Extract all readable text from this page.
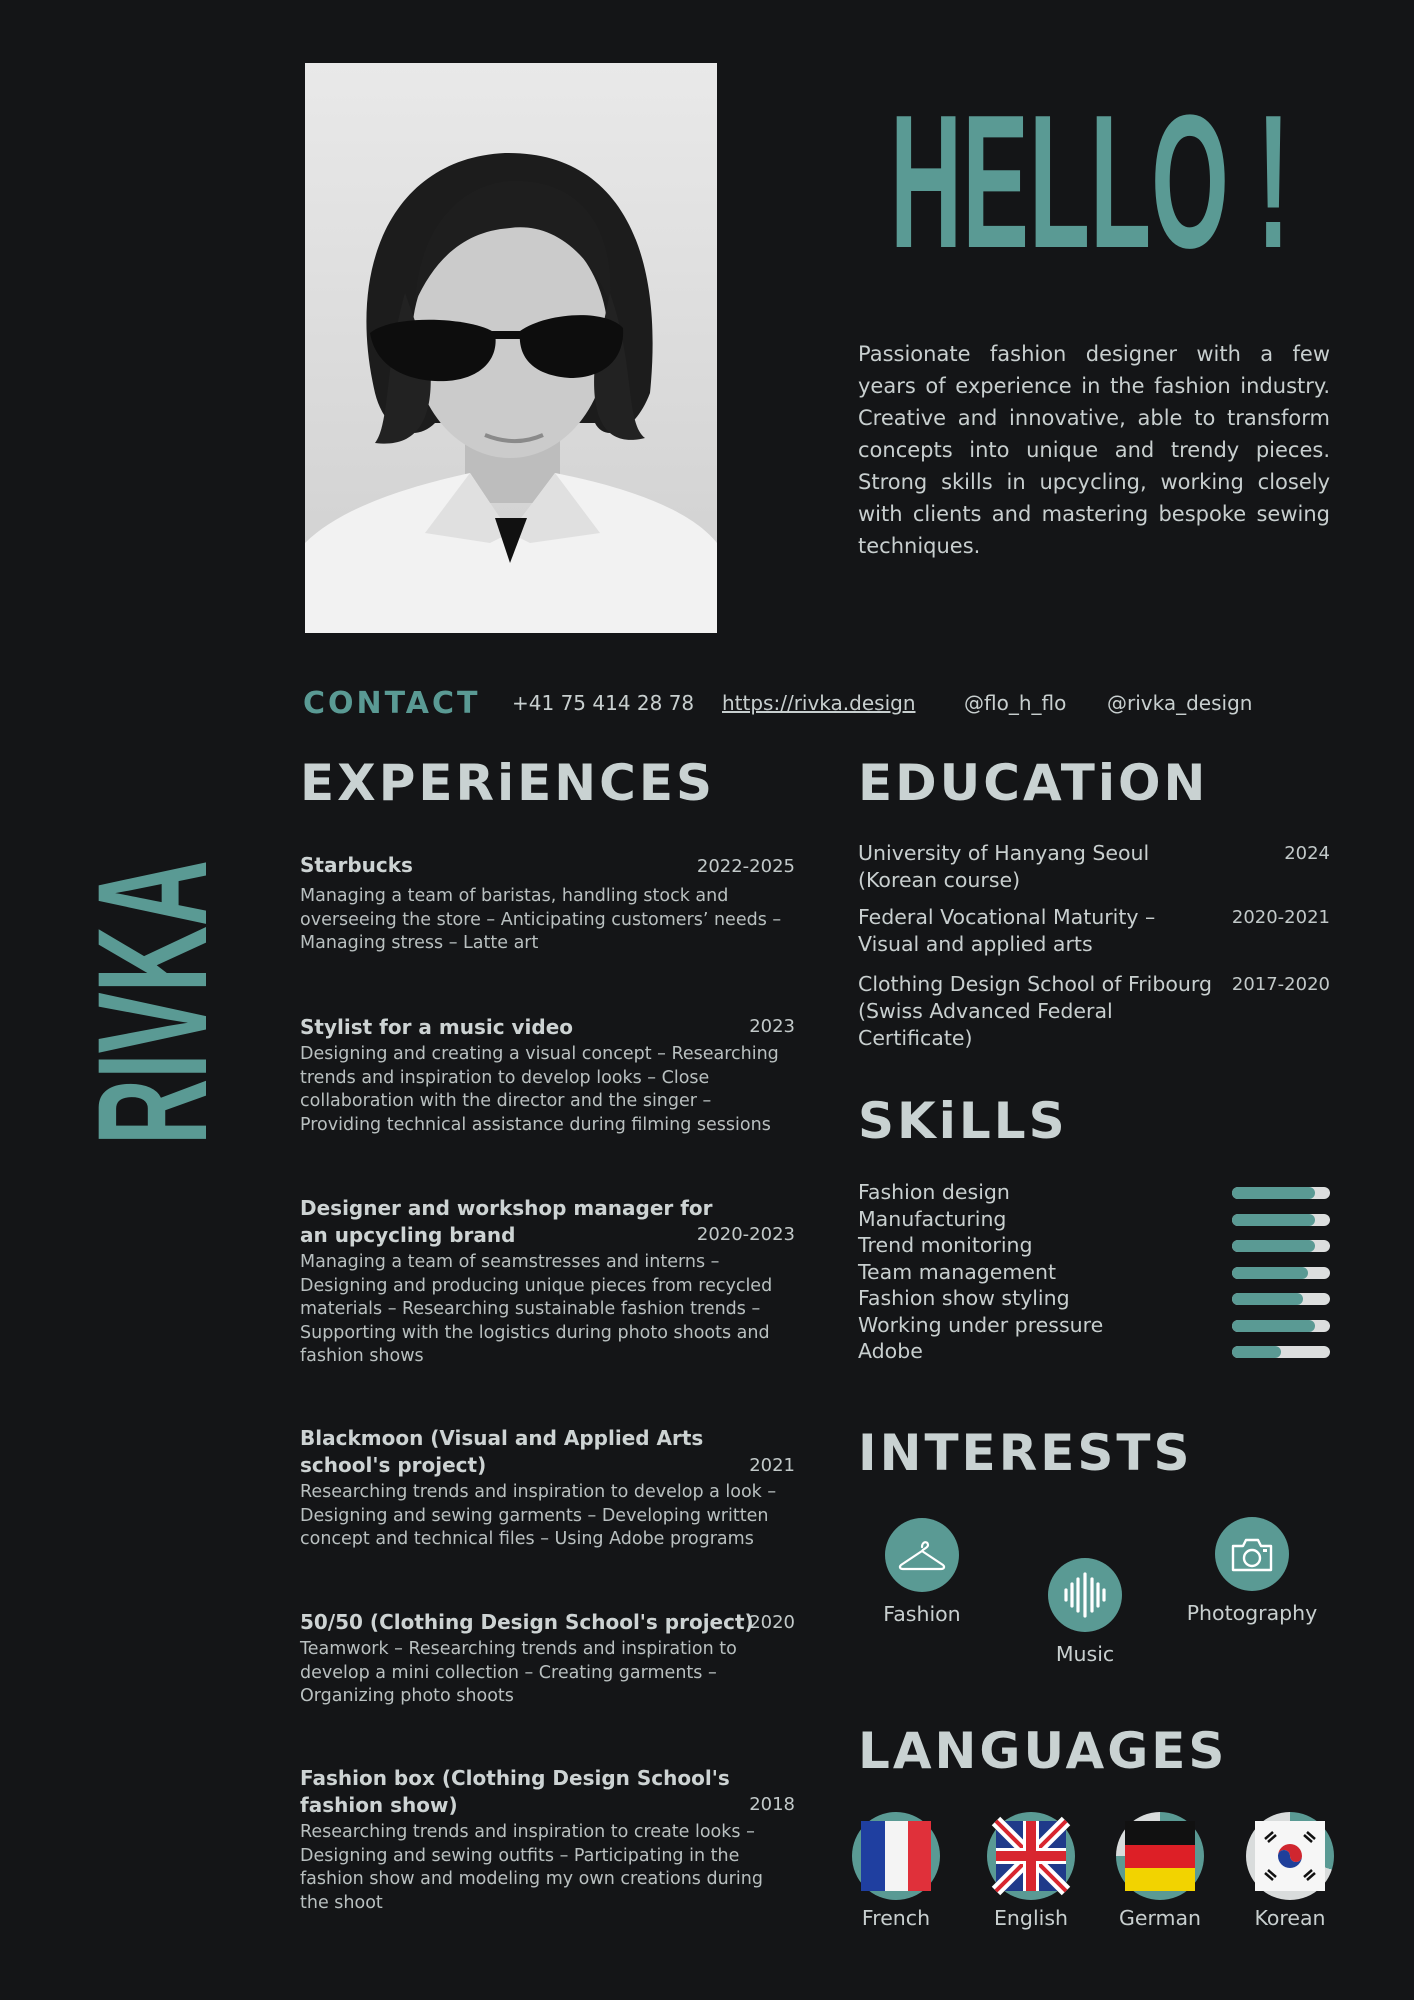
RIVKA
HELLO !
Passionate fashion designer with a few years of experience in the fashion industry. Creative and innovative, able to transform concepts into unique and trendy pieces. Strong skills in upcycling, working closely with clients and mastering bespoke sewing techniques.
CONTACT +41 75 414 28 78 https://rivka.design @flo_h_flo @rivka_design
EXPERiENCES
Starbucks	2022-2025
Managing a team of baristas, handling stock and overseeing the store – Anticipating customers’ needs – Managing stress – Latte art
Stylist for a music video	2023
Designing and creating a visual concept – Researching trends and inspiration to develop looks – Close collaboration with the director and the singer – Providing technical assistance during filming sessions
Designer and workshop manager for an upcycling brand	2020-2023
Managing a team of seamstresses and interns – Designing and producing unique pieces from recycled materials – Researching sustainable fashion trends – Supporting with the logistics during photo shoots and fashion shows
Blackmoon (Visual and Applied Arts school's project)	2021
Researching trends and inspiration to develop a look – Designing and sewing garments – Developing written concept and technical files – Using Adobe programs
50/50 (Clothing Design School's project)
2020
Teamwork – Researching trends and inspiration to develop a mini collection – Creating garments – Organizing photo shoots
Fashion box (Clothing Design School's fashion show)	2018
Researching trends and inspiration to create looks – Designing and sewing outfits – Participating in the fashion show and modeling my own creations during the shoot
EDUCATiON
University of Hanyang Seoul (Korean course)
2024
Federal Vocational Maturity – Visual and applied arts
2020-2021
Clothing Design School of Fribourg (Swiss Advanced Federal Certificate)
2017-2020
SKiLLS
Fashion design
Manufacturing
Trend monitoring
Team management
Fashion show styling
Working under pressure
Adobe
INTERESTS
Fashion
Music
Photography
LANGUAGES
French	English	German	Korean
